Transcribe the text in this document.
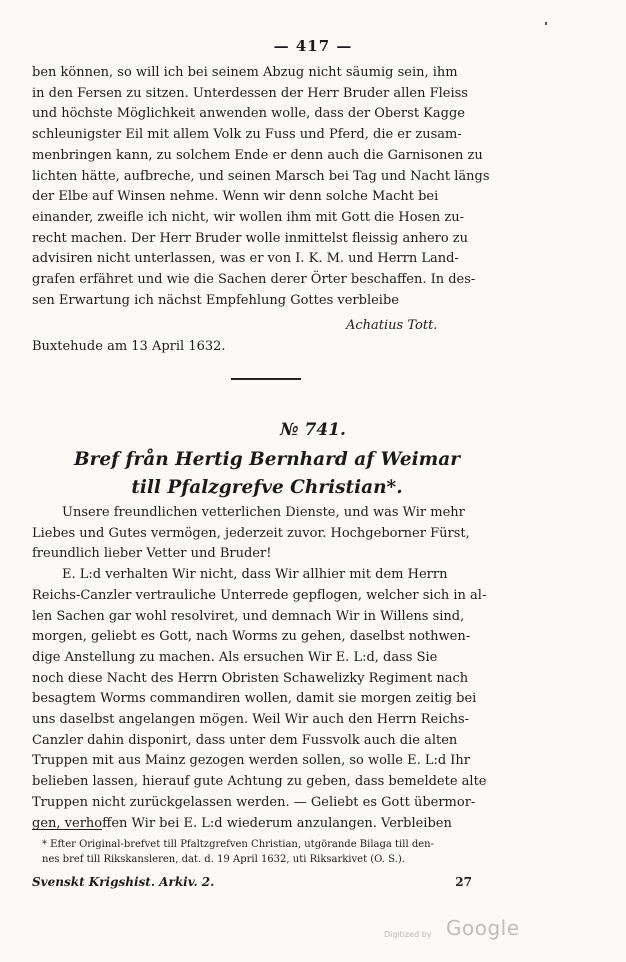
— 417 —
ben können, so will ich bei seinem Abzug nicht säumig sein, ihm
in den Fersen zu sitzen. Unterdessen der Herr Bruder allen Fleiss
und höchste Möglichkeit anwenden wolle, dass der Oberst Kagge
schleunigster Eil mit allem Volk zu Fuss und Pferd, die er zusam-
menbringen kann, zu solchem Ende er denn auch die Garnisonen zu
lichten hätte, aufbreche, und seinen Marsch bei Tag und Nacht längs
der Elbe auf Winsen nehme. Wenn wir denn solche Macht bei
einander, zweifle ich nicht, wir wollen ihm mit Gott die Hosen zu-
recht machen. Der Herr Bruder wolle inmittelst fleissig anhero zu
advisiren nicht unterlassen, was er von I. K. M. und Herrn Land-
grafen erfähret und wie die Sachen derer Örter beschaffen. In des-
sen Erwartung ich nächst Empfehlung Gottes verbleibe
Achatius Tott.
Buxtehude am 13 April 1632.
№ 741.
Bref från Hertig Bernhard af Weimar
till Pfalzgrefve Christian*.
Unsere freundlichen vetterlichen Dienste, und was Wir mehr
Liebes und Gutes vermögen, jederzeit zuvor. Hochgeborner Fürst,
freundlich lieber Vetter und Bruder!
E. L:d verhalten Wir nicht, dass Wir allhier mit dem Herrn
Reichs-Canzler vertrauliche Unterrede gepflogen, welcher sich in al-
len Sachen gar wohl resolviret, und demnach Wir in Willens sind,
morgen, geliebt es Gott, nach Worms zu gehen, daselbst nothwen-
dige Anstellung zu machen. Als ersuchen Wir E. L:d, dass Sie
noch diese Nacht des Herrn Obristen Schawelizky Regiment nach
besagtem Worms commandiren wollen, damit sie morgen zeitig bei
uns daselbst angelangen mögen. Weil Wir auch den Herrn Reichs-
Canzler dahin disponirt, dass unter dem Fussvolk auch die alten
Truppen mit aus Mainz gezogen werden sollen, so wolle E. L:d Ihr
belieben lassen, hierauf gute Achtung zu geben, dass bemeldete alte
Truppen nicht zurückgelassen werden. — Geliebt es Gott übermor-
gen, verhoffen Wir bei E. L:d wiederum anzulangen. Verbleiben
* Efter Original-brefvet till Pfaltzgrefven Christian, utgörande Bilaga till den-
nes bref till Rikskansleren, dat. d. 19 April 1632, uti Riksarkivet (O. S.).
Svenskt Krigshist. Arkiv. 2.	27
Digitized by Google
